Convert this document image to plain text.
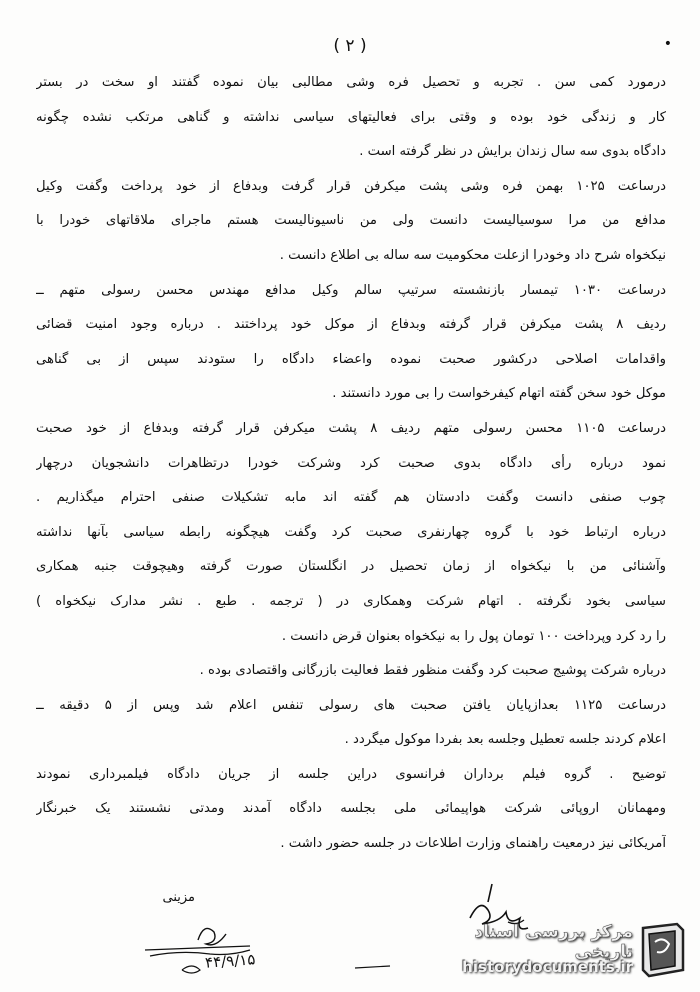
( ۲ )	•
درمورد کمی سن . تجربه و تحصیل فره وشی مطالبی بیان نموده گفتند او سخت در بستر
کار و زندگی خود بوده و وقتی برای فعالیتهای سیاسی نداشته و گناهی مرتکب نشده چگونه
دادگاه بدوی سه سال زندان برایش در نظر گرفته است .
درساعت ۱۰۲۵ بهمن فره وشی پشت میکرفن قرار گرفت وبدفاع از خود پرداخت وگفت وکیل
مدافع من مرا سوسیالیست دانست ولی من ناسیونالیست هستم ماجرای ملاقاتهای خودرا با
نیکخواه شرح داد وخودرا ازعلت محکومیت سه ساله بی اطلاع دانست .
درساعت ۱۰۳۰ تیمسار بازنشسته سرتیپ سالم وکیل مدافع مهندس محسن رسولی متهم ــ
ردیف ۸ پشت میکرفن قرار گرفته وبدفاع از موکل خود پرداختند . درباره وجود امنیت قضائی
واقدامات اصلاحی درکشور صحبت نموده واعضاء دادگاه را ستودند سپس از بی گناهی
موکل خود سخن گفته اتهام کیفرخواست را بی مورد دانستند .
درساعت ۱۱۰۵ محسن رسولی متهم ردیف ۸ پشت میکرفن قرار گرفته وبدفاع از خود صحبت
نمود درباره رأی دادگاه بدوی صحبت کرد وشرکت خودرا درتظاهرات دانشجویان درچهار
چوب صنفی دانست وگفت دادستان هم گفته اند مابه تشکیلات صنفی احترام میگذاریم .
درباره ارتباط خود با گروه چهارنفری صحبت کرد وگفت هیچگونه رابطه سیاسی بآنها نداشته
وآشنائی من با نیکخواه از زمان تحصیل در انگلستان صورت گرفته وهیچوقت جنبه همکاری
سیاسی بخود نگرفته . اتهام شرکت وهمکاری در ( ترجمه . طبع . نشر مدارک نیکخواه )
را رد کرد وپرداخت ۱۰۰ تومان پول را به نیکخواه بعنوان قرض دانست .
درباره شرکت پوشیج صحبت کرد وگفت منظور فقط فعالیت بازرگانی واقتصادی بوده .
درساعت ۱۱۲۵ بعدازپایان یافتن صحبت های رسولی تنفس اعلام شد وپس از ۵ دقیقه ــ
اعلام کردند جلسه تعطیل وجلسه بعد بفردا موکول میگردد .
توضیح . گروه فیلم برداران فرانسوی دراین جلسه از جریان دادگاه فیلمبرداری نمودند
ومهمانان اروپائی شرکت هواپیمائی ملی بجلسه دادگاه آمدند ومدتی نشستند یک خبرنگار
آمریکائی نیز درمعیت راهنمای وزارت اطلاعات در جلسه حضور داشت .
مزینی
۴۴/۹/۱۵
مرکز بررسی اسناد تاریخی
historydocuments.ir
